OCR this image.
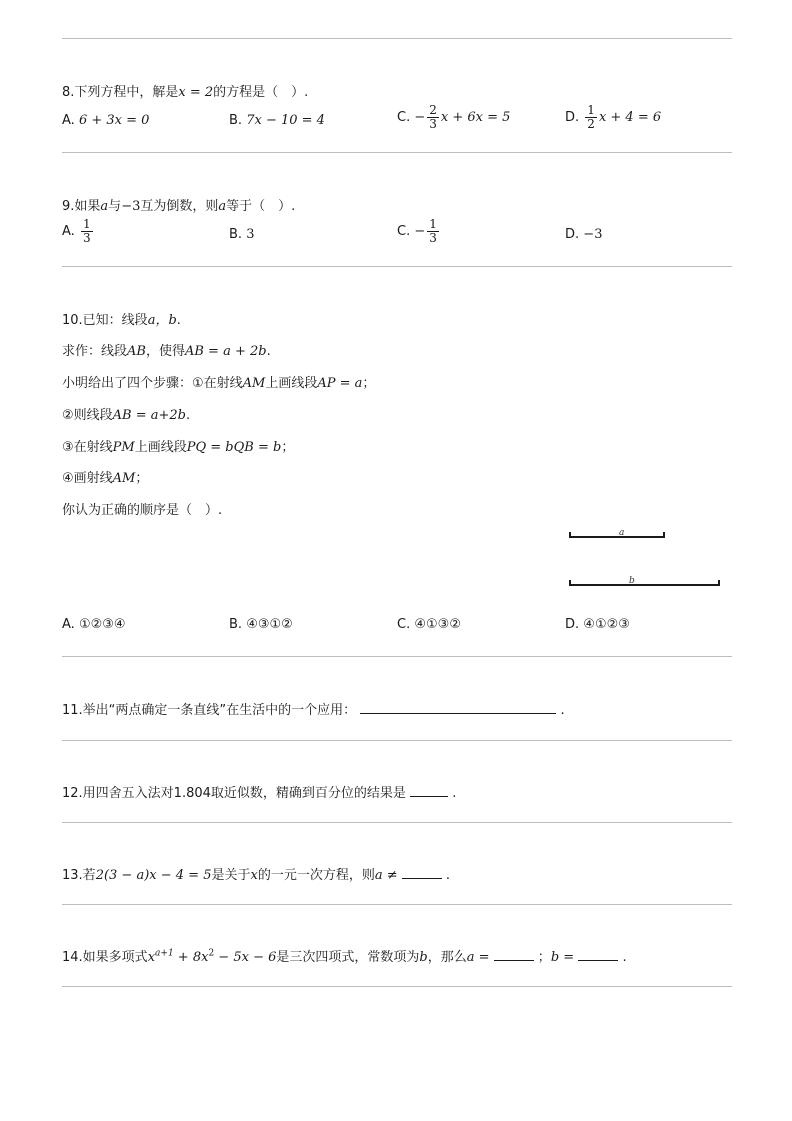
8.下列方程中，解是x = 2的方程是（　）.
A.
6 + 3x = 0	B.
7x − 10 = 4	C.
− $\frac{2}{3}$ x + 6x = 5	D.
$\frac{1}{2}$ x + 4 = 6
9.如果a与−3互为倒数，则a等于（　）.
A.
$\frac{1}{3}$	B.
3	C.
− $\frac{1}{3}$	D.
−3
10.已知：线段a，b.
求作：线段AB，使得AB = a + 2b.
小明给出了四个步骤：①在射线AM上画线段AP = a；
②则线段AB = a+2b.
③在射线PM上画线段PQ = bQB = b；
④画射线AM；
你认为正确的顺序是（　）.
a
b
A.
①②③④	B.
④③①②	C.
④①③②	D.
④①②③
11.举出“两点确定一条直线”在生活中的一个应用：	.
12.用四舍五入法对1.804取近似数，精确到百分位的结果是	.
13.若2(3 − a)x − 4 = 5是关于x的一元一次方程，则a ≠	.
14.如果多项式$x^{a+1} + 8x^2 - 5x - 6$是三次四项式，常数项为b，那么a =	；b =	.
